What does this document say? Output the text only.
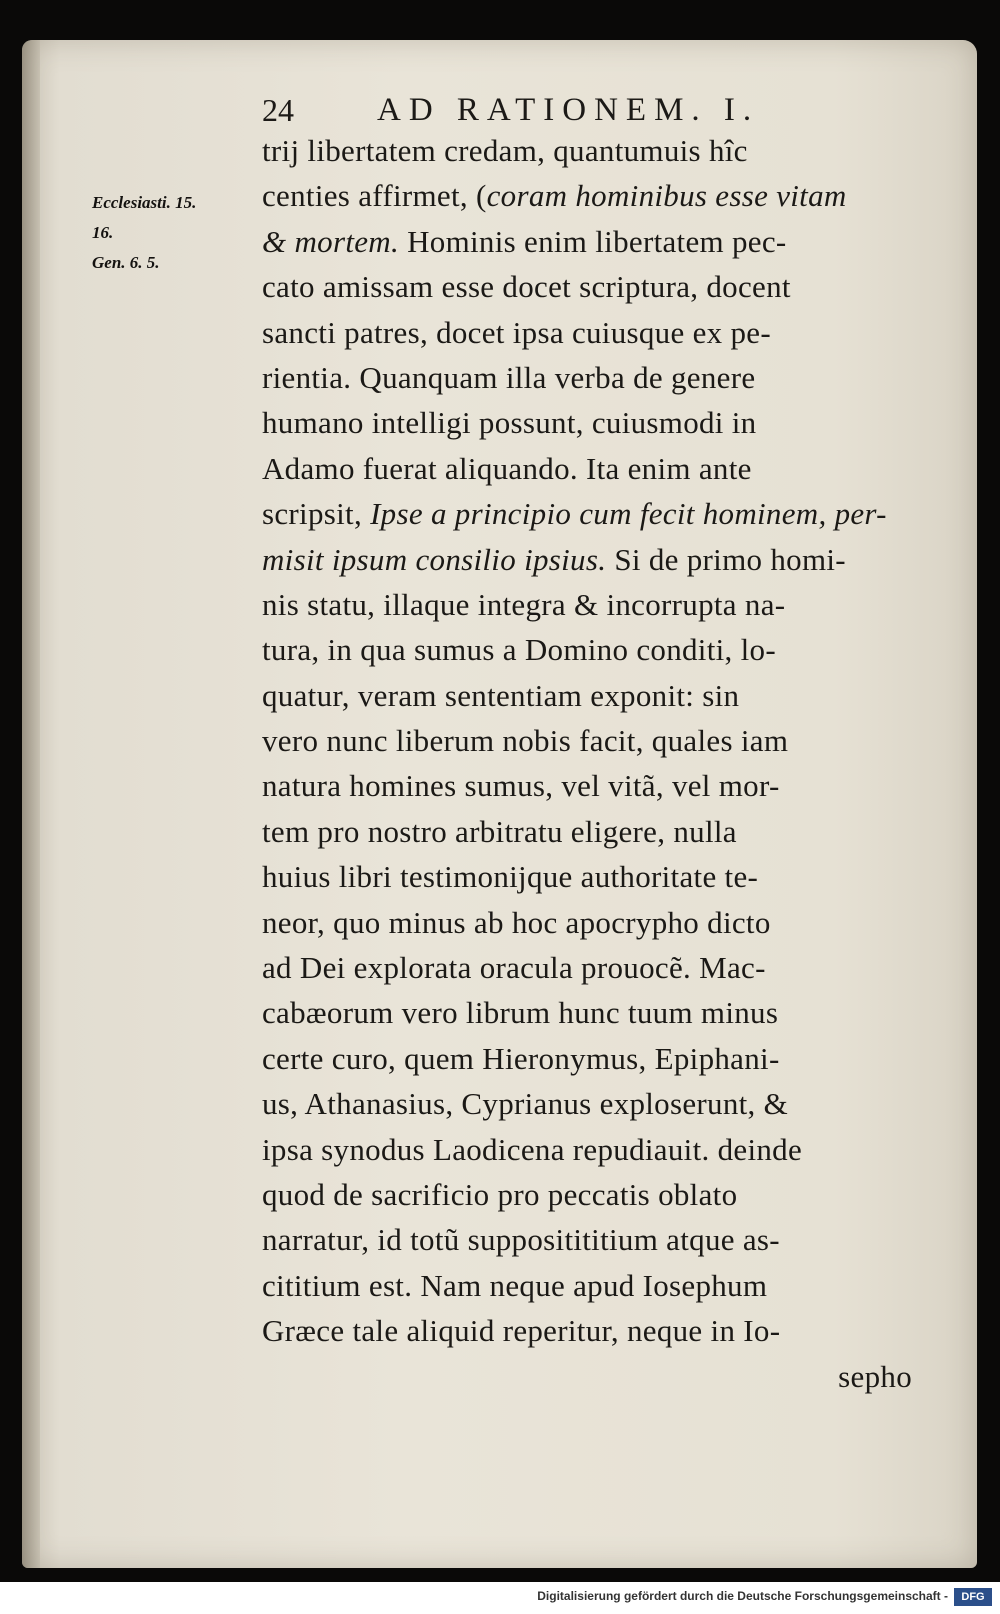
24	AD RATIONEM. I.
Ecclesiasti. 15.
16.
Gen. 6. 5.
trij libertatem credam, quantumuis hîc
centies affirmet, (coram hominibus esse vitam
& mortem. Hominis enim libertatem pec-
cato amissam esse docet scriptura, docent
sancti patres, docet ipsa cuiusque ex pe-
rientia. Quanquam illa verba de genere
humano intelligi possunt, cuiusmodi in
Adamo fuerat aliquando. Ita enim ante
scripsit, Ipse a principio cum fecit hominem, per-
misit ipsum consilio ipsius. Si de primo homi-
nis statu, illaque integra & incorrupta na-
tura, in qua sumus a Domino conditi, lo-
quatur, veram sententiam exponit: sin
vero nunc liberum nobis facit, quales iam
natura homines sumus, vel vitã, vel mor-
tem pro nostro arbitratu eligere, nulla
huius libri testimonijque authoritate te-
neor, quo minus ab hoc apocrypho dicto
ad Dei explorata oracula prouocẽ. Mac-
cabæorum vero librum hunc tuum minus
certe curo, quem Hieronymus, Epiphani-
us, Athanasius, Cyprianus exploserunt, &
ipsa synodus Laodicena repudiauit. deinde
quod de sacrificio pro peccatis oblato
narratur, id totũ suppositititium atque as-
cititium est. Nam neque apud Iosephum
Græce tale aliquid reperitur, neque in Io-
sepho
Digitalisierung gefördert durch die Deutsche Forschungsgemeinschaft -	DFG
